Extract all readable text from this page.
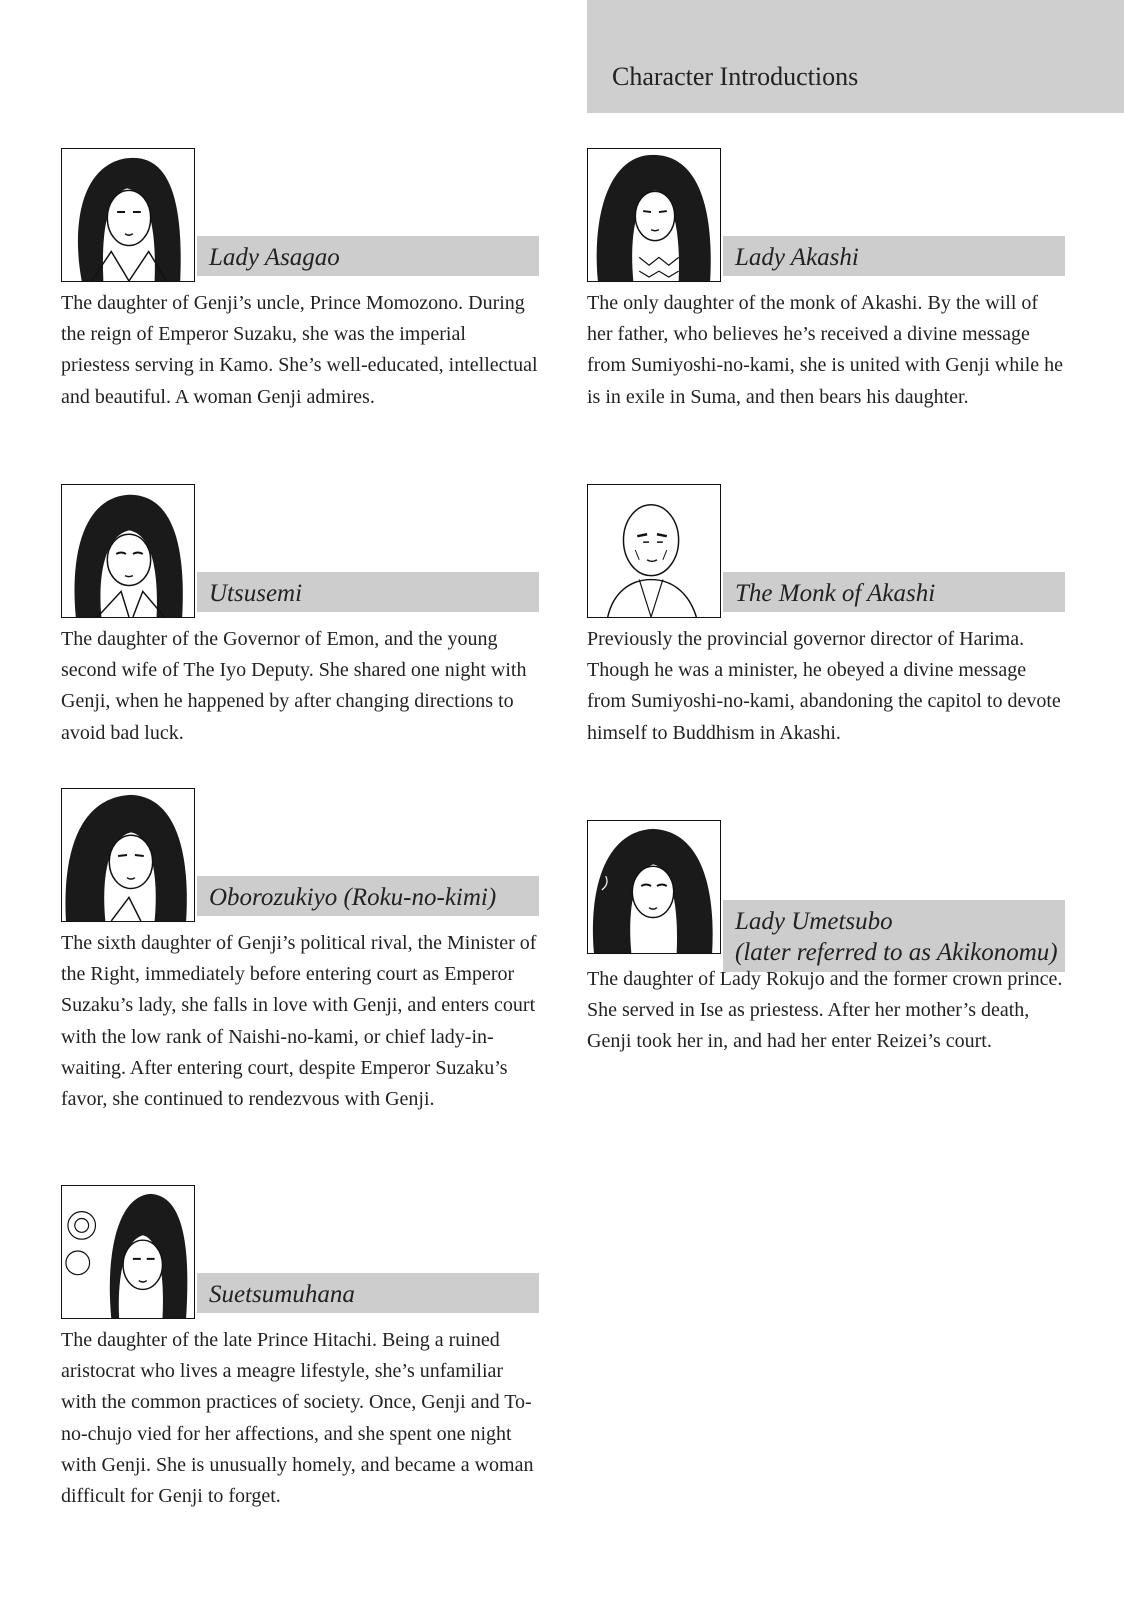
Character Introductions
Lady Asagao

The daughter of Genji’s uncle, Prince Momozono. During the reign of Emperor Suzaku, she was the imperial priestess serving in Kamo. She’s well-educated, intellectual and beautiful. A woman Genji admires.

Utsusemi

The daughter of the Governor of Emon, and the young second wife of The Iyo Deputy. She shared one night with Genji, when he happened by after changing directions to avoid bad luck.

Oborozukiyo (Roku-no-kimi)

The sixth daughter of Genji’s political rival, the Minister of the Right, immediately before entering court as Emperor Suzaku’s lady, she falls in love with Genji, and enters court with the low rank of Naishi-no-kami, or chief lady-in-waiting. After entering court, despite Emperor Suzaku’s favor, she continued to rendezvous with Genji.

Suetsumuhana

The daughter of the late Prince Hitachi. Being a ruined aristocrat who lives a meagre lifestyle, she’s unfamiliar with the common practices of society. Once, Genji and To-no-chujo vied for her affections, and she spent one night with Genji. She is unusually homely, and became a woman difficult for Genji to forget.

Lady Akashi

The only daughter of the monk of Akashi. By the will of her father, who believes he’s received a divine message from Sumiyoshi-no-kami, she is united with Genji while he is in exile in Suma, and then bears his daughter.

The Monk of Akashi

Previously the provincial governor director of Harima. Though he was a minister, he obeyed a divine message from Sumiyoshi-no-kami, abandoning the capitol to devote himself to Buddhism in Akashi.

Lady Umetsubo
(later referred to as Akikonomu)

The daughter of Lady Rokujo and the former crown prince. She served in Ise as priestess. After her mother’s death, Genji took her in, and had her enter Reizei’s court.
